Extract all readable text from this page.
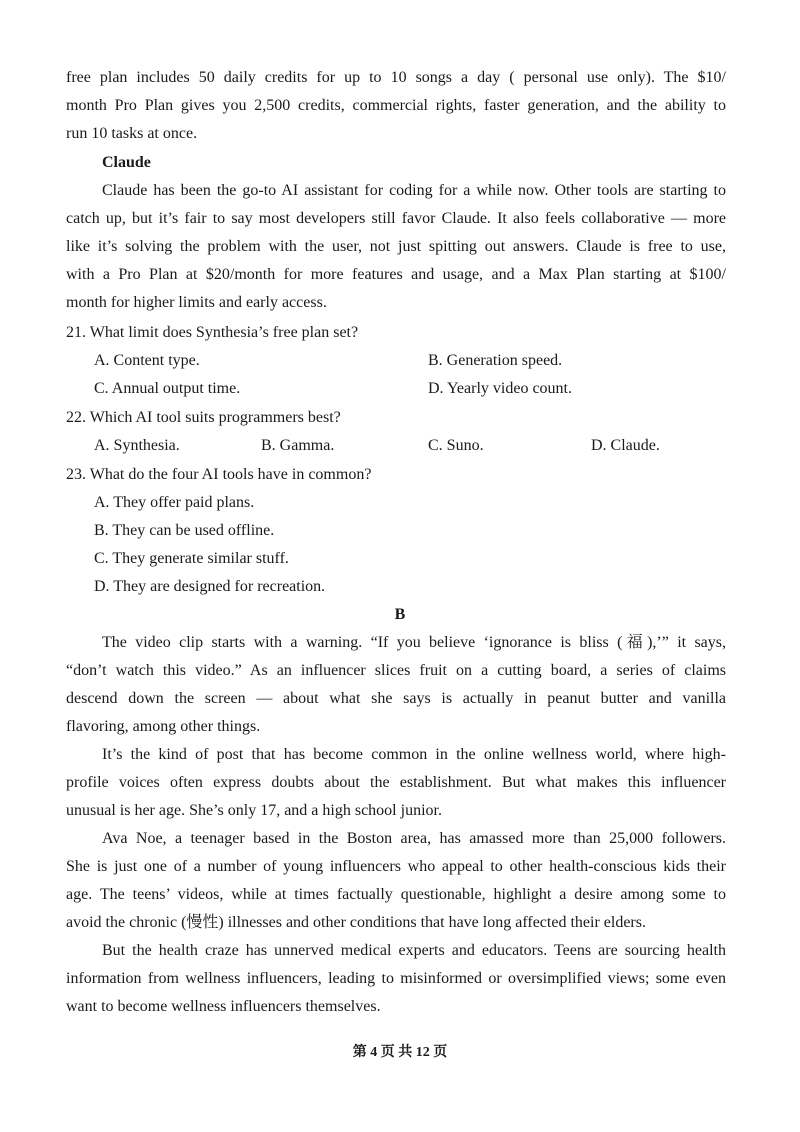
free plan includes 50 daily credits for up to 10 songs a day ( personal use only). The $10/
month Pro Plan gives you 2,500 credits, commercial rights, faster generation, and the ability to
run 10 tasks at once.
Claude
Claude has been the go-to AI assistant for coding for a while now. Other tools are starting to
catch up, but it’s fair to say most developers still favor Claude. It also feels collaborative — more
like it’s solving the problem with the user, not just spitting out answers. Claude is free to use,
with a Pro Plan at $20/month for more features and usage, and a Max Plan starting at $100/
month for higher limits and early access.
21. What limit does Synthesia’s free plan set?
A. Content type.	B. Generation speed.
C. Annual output time.	D. Yearly video count.
22. Which AI tool suits programmers best?
A. Synthesia.	B. Gamma.	C. Suno.	D. Claude.
23. What do the four AI tools have in common?
A. They offer paid plans.
B. They can be used offline.
C. They generate similar stuff.
D. They are designed for recreation.
B
The video clip starts with a warning. “If you believe ‘ignorance is bliss (福),’” it says,
“don’t watch this video.” As an influencer slices fruit on a cutting board, a series of claims
descend down the screen — about what she says is actually in peanut butter and vanilla
flavoring, among other things.
It’s the kind of post that has become common in the online wellness world, where high-
profile voices often express doubts about the establishment. But what makes this influencer
unusual is her age. She’s only 17, and a high school junior.
Ava Noe, a teenager based in the Boston area, has amassed more than 25,000 followers.
She is just one of a number of young influencers who appeal to other health-conscious kids their
age. The teens’ videos, while at times factually questionable, highlight a desire among some to
avoid the chronic (慢性) illnesses and other conditions that have long affected their elders.
But the health craze has unnerved medical experts and educators. Teens are sourcing health
information from wellness influencers, leading to misinformed or oversimplified views; some even
want to become wellness influencers themselves.
第 4 页 共 12 页
